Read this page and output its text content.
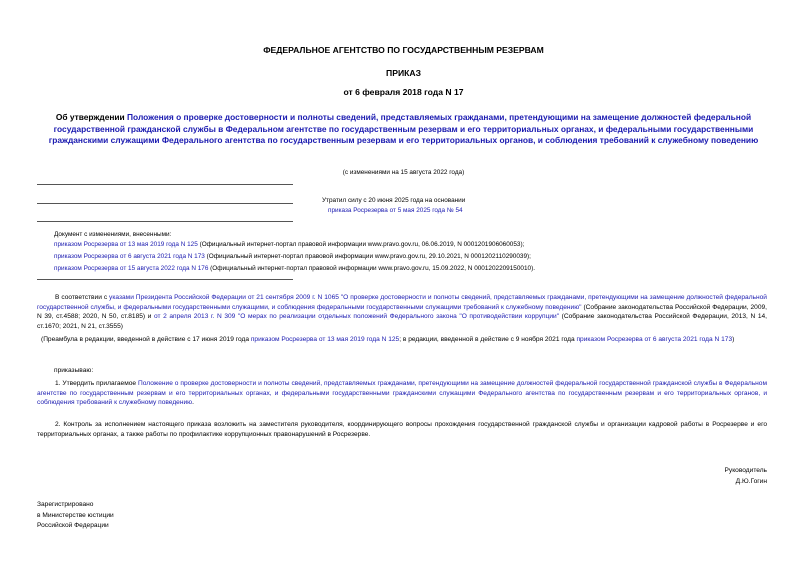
ФЕДЕРАЛЬНОЕ АГЕНТСТВО ПО ГОСУДАРСТВЕННЫМ РЕЗЕРВАМ
ПРИКАЗ
от 6 февраля 2018 года N 17
Об утверждении Положения о проверке достоверности и полноты сведений, представляемых гражданами, претендующими на замещение должностей федеральной государственной гражданской службы в Федеральном агентстве по государственным резервам и его территориальных органах, и федеральными государственными гражданскими служащими Федерального агентства по государственным резервам и его территориальных органов, и соблюдения требований к служебному поведению
(с изменениями на 15 августа 2022 года)
Утратил силу с 20 июня 2025 года на основании
приказа Росрезерва от 5 мая 2025 года № 54
Документ с изменениями, внесенными:
приказом Росрезерва от 13 мая 2019 года N 125 (Официальный интернет-портал правовой информации www.pravo.gov.ru, 06.06.2019, N 0001201906060053);
приказом Росрезерва от 6 августа 2021 года N 173 (Официальный интернет-портал правовой информации www.pravo.gov.ru, 29.10.2021, N 0001202110290039);
приказом Росрезерва от 15 августа 2022 года N 176 (Официальный интернет-портал правовой информации www.pravo.gov.ru, 15.09.2022, N 0001202209150010).
В соответствии с указами Президента Российской Федерации от 21 сентября 2009 г. N 1065 "О проверке достоверности и полноты сведений, представляемых гражданами, претендующими на замещение должностей федеральной государственной службы, и федеральными государственными служащими, и соблюдения федеральными государственными служащими требований к служебному поведению" (Собрание законодательства Российской Федерации, 2009, N 39, ст.4588; 2020, N 50, ст.8185) и от 2 апреля 2013 г. N 309 "О мерах по реализации отдельных положений Федерального закона "О противодействии коррупции" (Собрание законодательства Российской Федерации, 2013, N 14, ст.1670; 2021, N 21, ст.3555)
(Преамбула в редакции, введенной в действие с 17 июня 2019 года приказом Росрезерва от 13 мая 2019 года N 125; в редакции, введенной в действие с 9 ноября 2021 года приказом Росрезерва от 6 августа 2021 года N 173)
приказываю:
1. Утвердить прилагаемое Положение о проверке достоверности и полноты сведений, представляемых гражданами, претендующими на замещение должностей федеральной государственной гражданской службы в Федеральном агентстве по государственным резервам и его территориальных органах, и федеральными государственными гражданскими служащими Федерального агентства по государственным резервам и его территориальных органов, и соблюдения требований к служебному поведению.
2. Контроль за исполнением настоящего приказа возложить на заместителя руководителя, координирующего вопросы прохождения государственной гражданской службы и организации кадровой работы в Росрезерве и его территориальных органах, а также работы по профилактике коррупционных правонарушений в Росрезерве.
Руководитель
Д.Ю.Гогин
Зарегистрировано
в Министерстве юстиции
Российской Федерации
